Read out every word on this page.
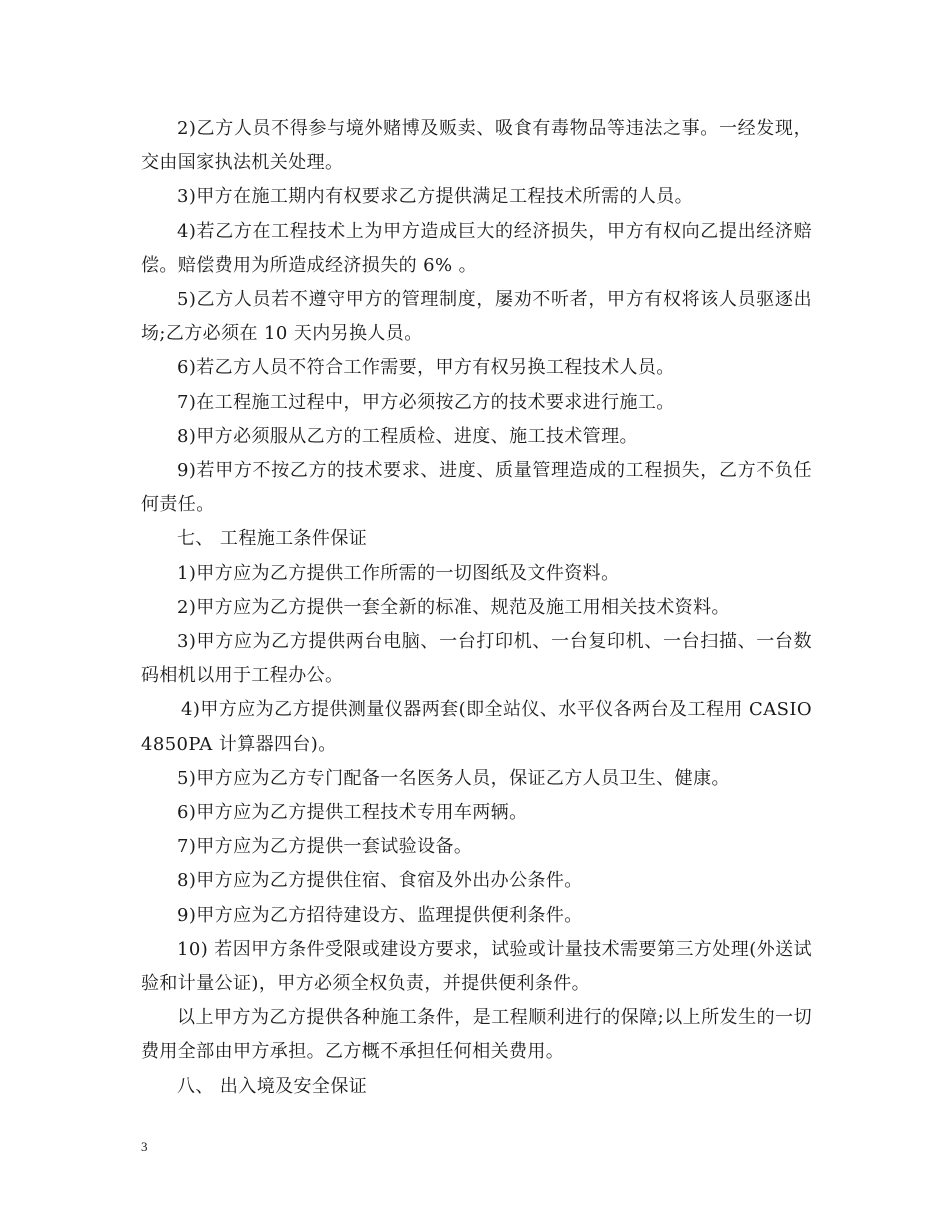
2)乙方人员不得参与境外赌博及贩卖、吸食有毒物品等违法之事。一经发现，交由国家执法机关处理。

3)甲方在施工期内有权要求乙方提供满足工程技术所需的人员。

4)若乙方在工程技术上为甲方造成巨大的经济损失，甲方有权向乙提出经济赔偿。赔偿费用为所造成经济损失的 6% 。

5)乙方人员若不遵守甲方的管理制度，屡劝不听者，甲方有权将该人员驱逐出场;乙方必须在 10 天内另换人员。

6)若乙方人员不符合工作需要，甲方有权另换工程技术人员。

7)在工程施工过程中，甲方必须按乙方的技术要求进行施工。

8)甲方必须服从乙方的工程质检、进度、施工技术管理。

9)若甲方不按乙方的技术要求、进度、质量管理造成的工程损失，乙方不负任何责任。

七、 工程施工条件保证

1)甲方应为乙方提供工作所需的一切图纸及文件资料。

2)甲方应为乙方提供一套全新的标准、规范及施工用相关技术资料。

3)甲方应为乙方提供两台电脑、一台打印机、一台复印机、一台扫描、一台数码相机以用于工程办公。

4)甲方应为乙方提供测量仪器两套(即全站仪、水平仪各两台及工程用 CASIO4850PA 计算器四台)。

5)甲方应为乙方专门配备一名医务人员，保证乙方人员卫生、健康。

6)甲方应为乙方提供工程技术专用车两辆。

7)甲方应为乙方提供一套试验设备。

8)甲方应为乙方提供住宿、食宿及外出办公条件。

9)甲方应为乙方招待建设方、监理提供便利条件。

10) 若因甲方条件受限或建设方要求，试验或计量技术需要第三方处理(外送试验和计量公证)，甲方必须全权负责，并提供便利条件。

以上甲方为乙方提供各种施工条件，是工程顺利进行的保障;以上所发生的一切费用全部由甲方承担。乙方概不承担任何相关费用。

八、 出入境及安全保证

3
